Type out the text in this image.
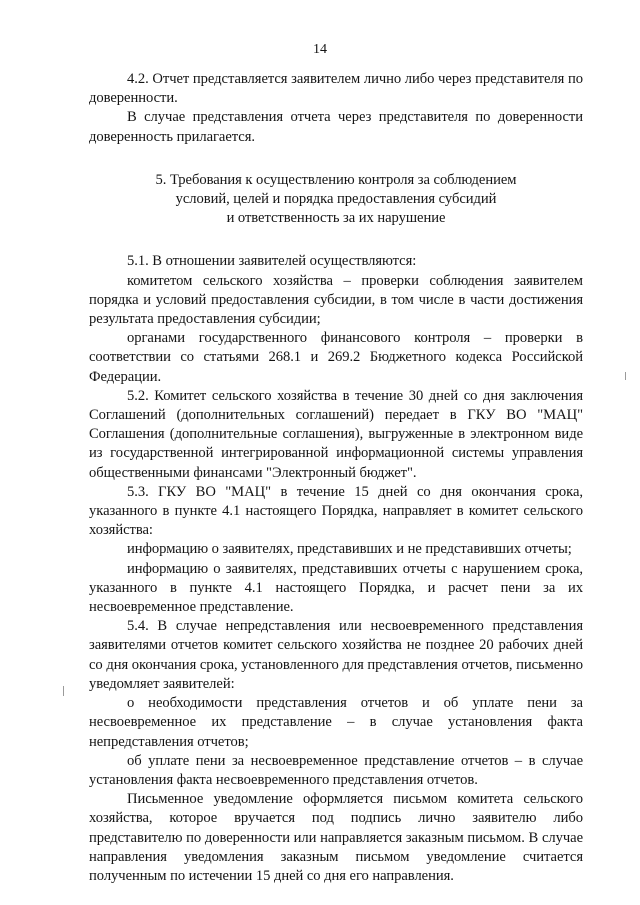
14

4.2. Отчет представляется заявителем лично либо через представителя по доверенности.

В случае представления отчета через представителя по доверенности доверенность прилагается.

5. Требования к осуществлению контроля за соблюдением
условий, целей и порядка предоставления субсидий
и ответственность за их нарушение

5.1. В отношении заявителей осуществляются:

комитетом сельского хозяйства – проверки соблюдения заявителем порядка и условий предоставления субсидии, в том числе в части достижения результата предоставления субсидии;

органами государственного финансового контроля – проверки в соответствии со статьями 268.1 и 269.2 Бюджетного кодекса Российской Федерации.

5.2. Комитет сельского хозяйства в течение 30 дней со дня заключения Соглашений (дополнительных соглашений) передает в ГКУ ВО "МАЦ" Соглашения (дополнительные соглашения), выгруженные в электронном виде из государственной интегрированной информационной системы управления общественными финансами "Электронный бюджет".

5.3. ГКУ ВО "МАЦ" в течение 15 дней со дня окончания срока, указанного в пункте 4.1 настоящего Порядка, направляет в комитет сельского хозяйства:

информацию о заявителях, представивших и не представивших отчеты;

информацию о заявителях, представивших отчеты с нарушением срока, указанного в пункте 4.1 настоящего Порядка, и расчет пени за их несвоевременное представление.

5.4. В случае непредставления или несвоевременного представления заявителями отчетов комитет сельского хозяйства не позднее 20 рабочих дней со дня окончания срока, установленного для представления отчетов, письменно уведомляет заявителей:

о необходимости представления отчетов и об уплате пени за несвоевременное их представление – в случае установления факта непредставления отчетов;

об уплате пени за несвоевременное представление отчетов – в случае установления факта несвоевременного представления отчетов.

Письменное уведомление оформляется письмом комитета сельского хозяйства, которое вручается под подпись лично заявителю либо представителю по доверенности или направляется заказным письмом. В случае направления уведомления заказным письмом уведомление считается полученным по истечении 15 дней со дня его направления.
